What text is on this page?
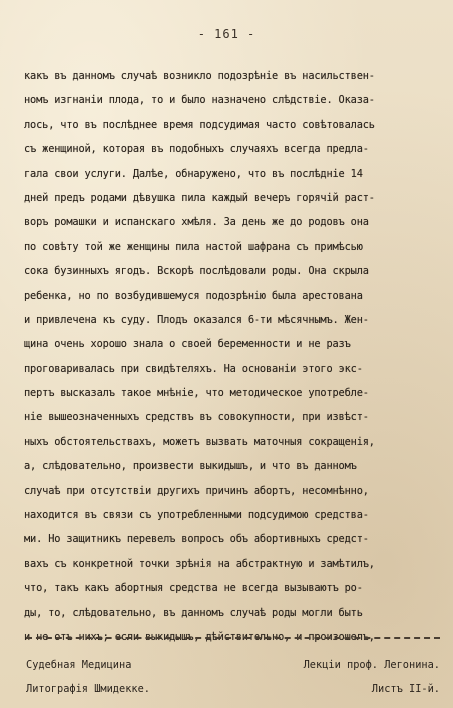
- 161 -
какъ въ данномъ случаѣ возникло подозрѣніе въ насильствен-
номъ изгнаніи плода, то и было назначено слѣдствіе. Оказа-
лось, что въ послѣднее время подсудимая часто совѣтовалась
съ женщиной, которая въ подобныхъ случаяхъ всегда предла-
гала свои услуги. Далѣе, обнаружено, что въ послѣдніе 14
дней предъ родами дѣвушка пила каждый вечеръ горячій раст-
воръ ромашки и испанскаго хмѣля. За день же до родовъ она
по совѣту той же женщины пила настой шафрана съ примѣсью
сока бузинныхъ ягодъ. Вскорѣ послѣдовали роды. Она скрыла
ребенка, но по возбудившемуся подозрѣнію была арестована
и привлечена къ суду. Плодъ оказался 6-ти мѣсячнымъ. Жен-
щина очень хорошо знала о своей беременности и не разъ
проговаривалась при свидѣтеляхъ. На основаніи этого экс-
пертъ высказалъ такое мнѣніе, что методическое употребле-
ніе вышеозначенныхъ средствъ въ совокупности, при извѣст-
ныхъ обстоятельствахъ, можетъ вызвать маточныя сокращенія,
а, слѣдовательно, произвести выкидышъ, и что въ данномъ
случаѣ при отсутствіи другихъ причинъ абортъ, несомнѣнно,
находится въ связи съ употребленными подсудимою средства-
ми. Но защитникъ перевелъ вопросъ объ абортивныхъ средст-
вахъ съ конкретной точки зрѣнія на абстрактную и замѣтилъ,
что, такъ какъ абортныя средства не всегда вызываютъ ро-
ды, то, слѣдовательно, въ данномъ случаѣ роды могли быть
и не отъ нихъ; если выкидышъ, дѣйствительно, и произошелъ,
Судебная Медицина	Лекціи проф. Легонина.
Литографія Шмидекке.	Листъ II-й.
